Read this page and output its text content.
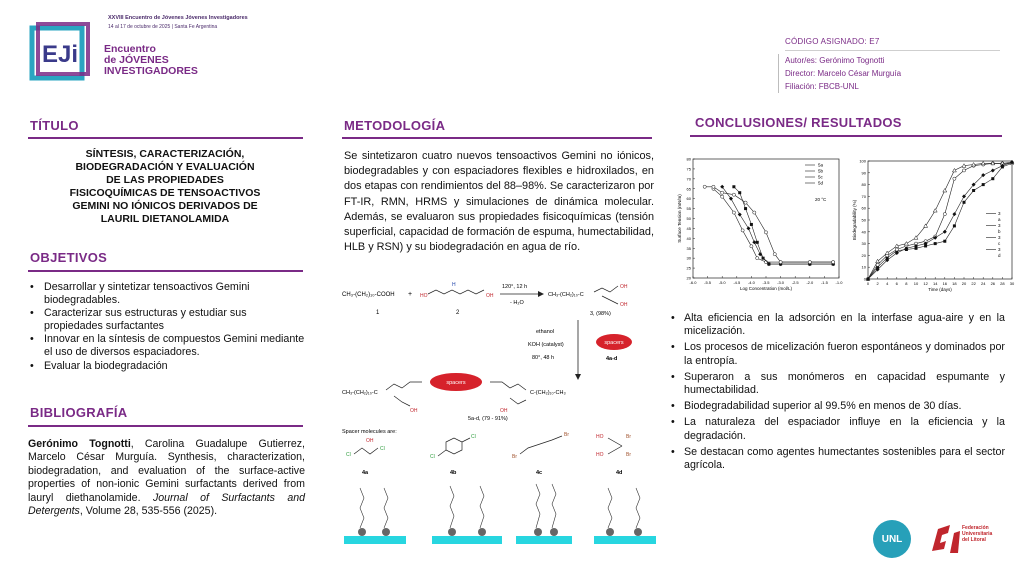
EJi
XXVIII Encuentro de Jóvenes Jóvenes Investigadores
14 al 17 de octubre de 2025 | Santa Fe Argentina
Encuentro
de JÓVENES
INVESTIGADORES
CÓDIGO ASIGNADO: E7
Autor/es: Gerónimo Tognotti
Director: Marcelo César Murguía
Filiación: FBCB-UNL
TÍTULO
SÍNTESIS, CARACTERIZACIÓN,
BIODEGRADACIÓN Y EVALUACIÓN
DE LAS PROPIEDADES
FISICOQUÍMICAS DE TENSOACTIVOS
GEMINI NO IÓNICOS DERIVADOS DE
LAURIL DIETANOLAMIDA
OBJETIVOS
• Desarrollar y sintetizar tensoactivos Gemini biodegradables.
• Caracterizar sus estructuras y estudiar sus propiedades surfactantes
• Innovar en la síntesis de compuestos Gemini mediante el uso de diversos espaciadores.
• Evaluar la biodegradación
BIBLIOGRAFÍA
Gerónimo Tognotti, Carolina Guadalupe Gutierrez, Marcelo César Murguía. Synthesis, characterization, biodegradation, and evaluation of the surface-active properties of non-ionic Gemini surfactants derived from lauryl diethanolamide. Journal of Surfactants and Detergents, Volume 28, 535-556 (2025).
METODOLOGÍA
Se sintetizaron cuatro nuevos tensoactivos Gemini no iónicos, biodegradables y con espaciadores flexibles e hidroxilados, en dos etapas con rendimientos del 88–98%. Se caracterizaron por FT-IR, RMN, HRMS y simulaciones de dinámica molecular. Además, se evaluaron sus propiedades fisicoquímicas (tensión superficial, capacidad de formación de espuma, humectabilidad, HLB y RSN) y su biodegradación en agua de río.
CH₃-(CH₂)₁₀-COOH
1
+ HO
H
OH
2
120°, 12 h
- H₂O
CH₃-(CH₂)₁₀-C
OH
OH
3, (98%)
ethanol
KOH (catalyst)
80°, 48 h
spacers
4a-d
CH₃-(CH₂)₁₀-C
spacers
OH	OH
C-(CH₂)₁₀-CH₃
5a-d, (79 - 91%)
Spacer molecules are:
Cl
Cl
OH
4a
Cl
Cl
4b
Br
Br
4c
HO
HO
Br
Br
4d
CONCLUSIONES/ RESULTADOS
-6.0 -5.5 -5.0 -4.5 -4.0 -3.5 -3.0 -2.5 -2.0 -1.5 -1.0
20
25
30
35
40
45
50
55
60
65
70
75
80
Log Concentration (mol/L)
Surface Tension (mN/m)
5a
5b
5c
5d
20 °C
0 2 4 6 8 10 12 14 16 18 20 22 24 26 28 30
0
10
20
30
40
50
60
70
80
90
100
Time (days)
Biodegradability (%)	3
a
3
b
3
c
3
d
• Alta eficiencia en la adsorción en la interfase agua-aire y en la micelización.
• Los procesos de micelización fueron espontáneos y dominados por la entropía.
• Superaron a sus monómeros en capacidad espumante y humectabilidad.
• Biodegradabilidad superior al 99.5% en menos de 30 días.
• La naturaleza del espaciador influye en la eficiencia y la degradación.
• Se destacan como agentes humectantes sostenibles para el sector agrícola.
UNL
Federación
Universitaria
del Litoral
